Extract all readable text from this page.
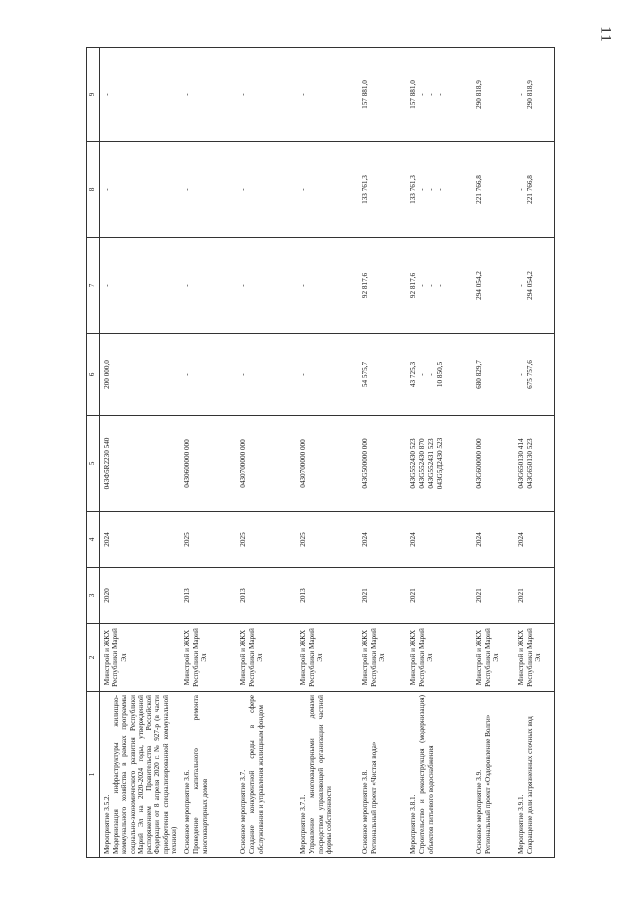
11
1	2	3	4	5	6	7	8	9

Мероприятие 3.5.2. Модернизация инфраструктуры жилищно-коммунального хозяйства в рамках программы социально-экономического развития Республики Марий Эл на 2020-2024 годы, утвержденной распоряжением Правительства Российской Федерации от 8 апреля 2020 г. № 927-р (в части приобретения специализированной коммунальной техники)	Минстрой и ЖКХ Республики Марий Эл	2020	2024	043Ф5R2230 540	200 000,0	-	-	-

Основное мероприятие 3.6. Проведение капитального ремонта многоквартирных домов	Минстрой и ЖКХ Республики Марий Эл	2013	2025	0430600000 000	-	-	-	-

Основное мероприятие 3.7. Создание конкурентной среды в сфере обслуживания и управления жилищным фондом	Минстрой и ЖКХ Республики Марий Эл	2013	2025	0430700000 000	-	-	-	-

Мероприятие 3.7.1. Управление многоквартирными домами посредством управляющей организации частной формы собственности	Минстрой и ЖКХ Республики Марий Эл	2013	2025	0430700000 000	-	-	-	-

Основное мероприятие 3.8. Региональный проект «Чистая вода»	Минстрой и ЖКХ Республики Марий Эл	2021	2024	043G500000 000	54 575,7	92 817,6	133 761,3	157 881,0

Мероприятие 3.8.1. Строительство и реконструкция (модернизация) объектов питьевого водоснабжения	Минстрой и ЖКХ Республики Марий Эл	2021	2024	043G552430 523 043G552430 870 043G552431 523 043G5Д2430 523	43 725,3 - - 10 850,5	92 817,6 - - -	133 761,3 - - -	157 881,0 - - -

Основное мероприятие 3.9. Региональный проект «Оздоровление Волги»	Минстрой и ЖКХ Республики Марий Эл	2021	2024	043G600000 000	680 829,7	294 054,2	221 766,8	290 818,9

Мероприятие 3.9.1. Сокращение доли загрязненных сточных вод	Минстрой и ЖКХ Республики Марий Эл	2021	2024	043G650130 414 043G650130 523	- 675 757,6	- 294 054,2	- 221 766,8	- 290 818,9
